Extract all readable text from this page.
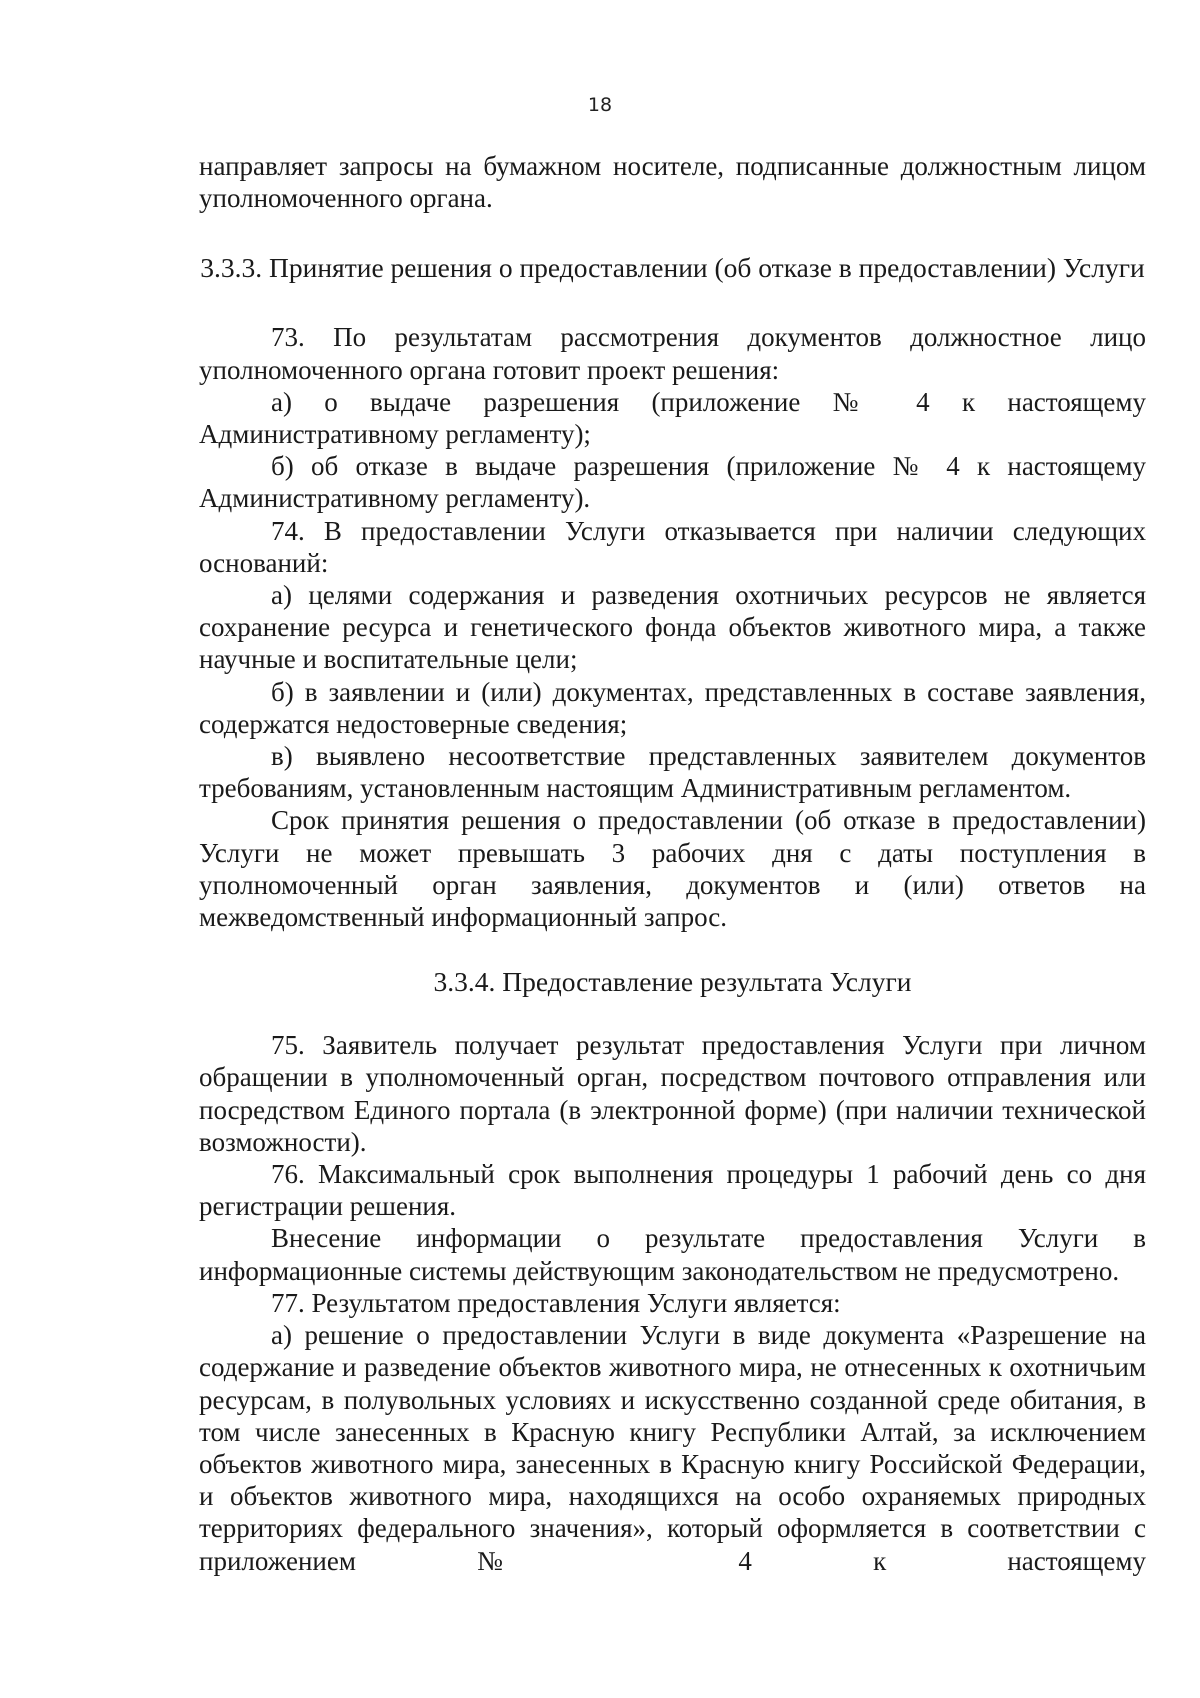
18

направляет запросы на бумажном носителе, подписанные должностным лицом уполномоченного органа.

3.3.3. Принятие решения о предоставлении (об отказе в предоставлении) Услуги

73. По результатам рассмотрения документов должностное лицо уполномоченного органа готовит проект решения:

а) о выдаче разрешения (приложение № 4 к настоящему Административному регламенту);

б) об отказе в выдаче разрешения (приложение № 4 к настоящему Административному регламенту).

74. В предоставлении Услуги отказывается при наличии следующих оснований:

а) целями содержания и разведения охотничьих ресурсов не является сохранение ресурса и генетического фонда объектов животного мира, а также научные и воспитательные цели;

б) в заявлении и (или) документах, представленных в составе заявления, содержатся недостоверные сведения;

в) выявлено несоответствие представленных заявителем документов требованиям, установленным настоящим Административным регламентом.

Срок принятия решения о предоставлении (об отказе в предоставлении) Услуги не может превышать 3 рабочих дня с даты поступления в уполномоченный орган заявления, документов и (или) ответов на межведомственный информационный запрос.

3.3.4. Предоставление результата Услуги

75. Заявитель получает результат предоставления Услуги при личном обращении в уполномоченный орган, посредством почтового отправления или посредством Единого портала (в электронной форме) (при наличии технической возможности).

76. Максимальный срок выполнения процедуры 1 рабочий день со дня регистрации решения.

Внесение информации о результате предоставления Услуги в информационные системы действующим законодательством не предусмотрено.

77. Результатом предоставления Услуги является:

а) решение о предоставлении Услуги в виде документа «Разрешение на содержание и разведение объектов животного мира, не отнесенных к охотничьим ресурсам, в полувольных условиях и искусственно созданной среде обитания, в том числе занесенных в Красную книгу Республики Алтай, за исключением объектов животного мира, занесенных в Красную книгу Российской Федерации, и объектов животного мира, находящихся на особо охраняемых природных территориях федерального значения», который оформляется в соответствии с приложением № 4 к настоящему
